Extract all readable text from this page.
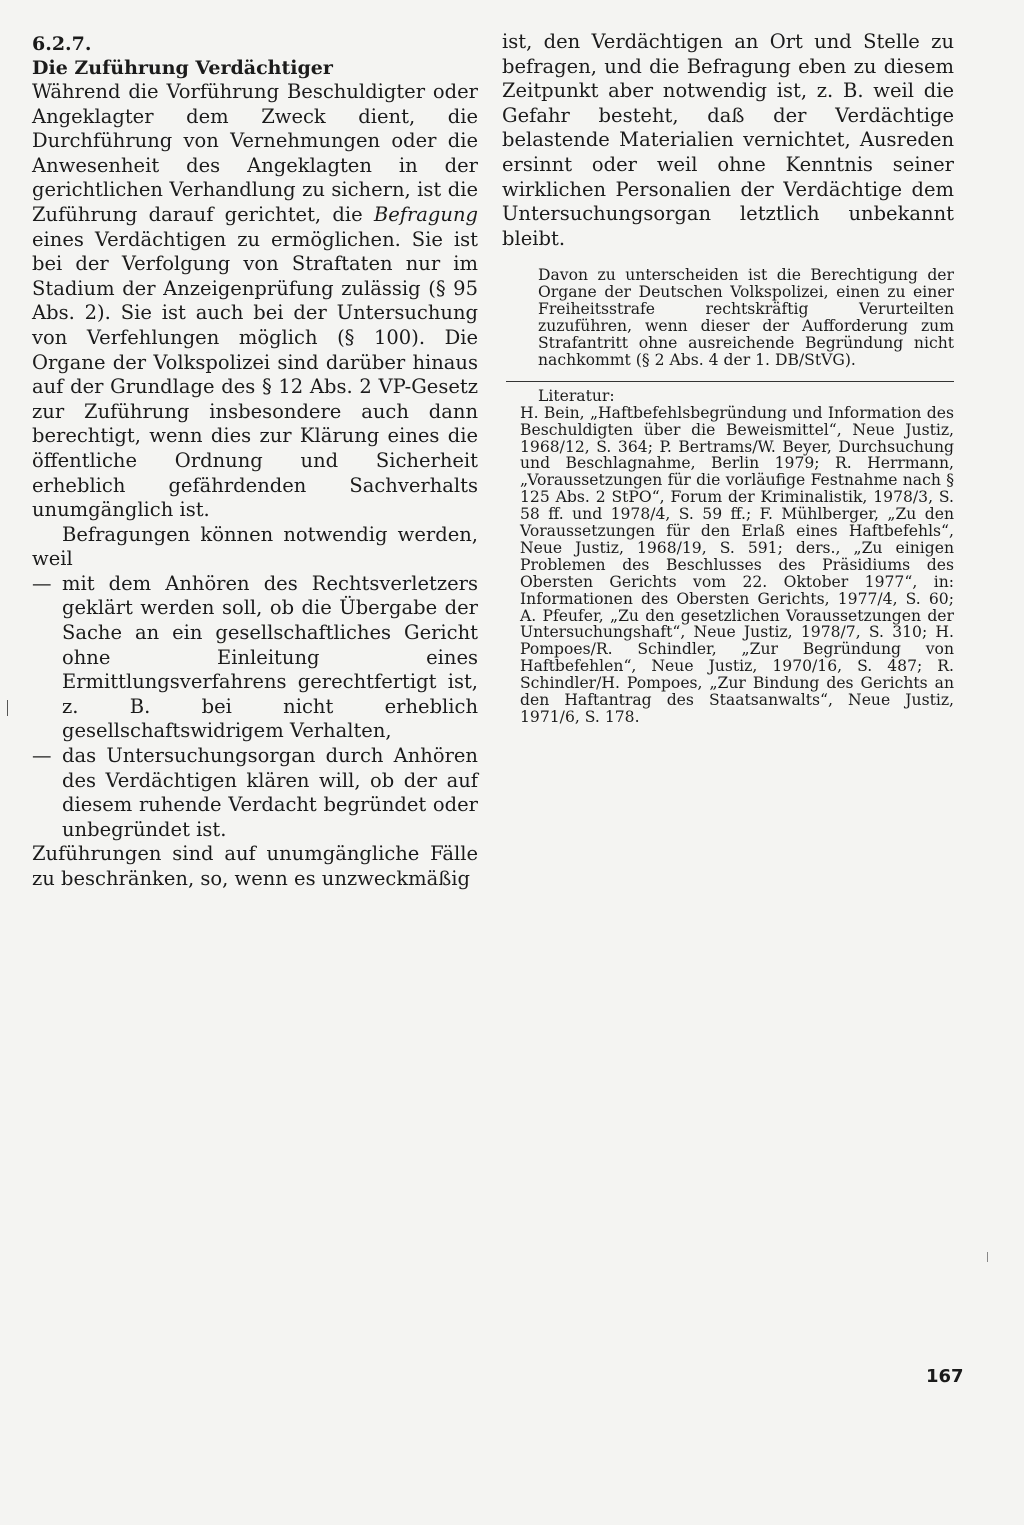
6.2.7.
Die Zuführung Verdächtiger

Während die Vorführung Beschuldigter oder Angeklagter dem Zweck dient, die Durchführung von Vernehmungen oder die Anwesenheit des Angeklagten in der gerichtlichen Verhandlung zu sichern, ist die Zuführung darauf gerichtet, die Befragung eines Verdächtigen zu ermöglichen. Sie ist bei der Verfolgung von Straftaten nur im Stadium der Anzeigenprüfung zulässig (§ 95 Abs. 2). Sie ist auch bei der Untersuchung von Verfehlungen möglich (§ 100). Die Organe der Volkspolizei sind darüber hinaus auf der Grundlage des § 12 Abs. 2 VP-Gesetz zur Zuführung insbesondere auch dann berechtigt, wenn dies zur Klärung eines die öffentliche Ordnung und Sicherheit erheblich gefährdenden Sachverhalts unumgänglich ist.

Befragungen können notwendig werden, weil

— mit dem Anhören des Rechtsverletzers geklärt werden soll, ob die Übergabe der Sache an ein gesellschaftliches Gericht ohne Einleitung eines Ermittlungsverfahrens gerechtfertigt ist, z. B. bei nicht erheblich gesellschaftswidrigem Verhalten,
— das Untersuchungsorgan durch Anhören des Verdächtigen klären will, ob der auf diesem ruhende Verdacht begründet oder unbegründet ist.

Zuführungen sind auf unumgängliche Fälle zu beschränken, so, wenn es unzweckmäßig

ist, den Verdächtigen an Ort und Stelle zu befragen, und die Befragung eben zu diesem Zeitpunkt aber notwendig ist, z. B. weil die Gefahr besteht, daß der Verdächtige belastende Materialien vernichtet, Ausreden ersinnt oder weil ohne Kenntnis seiner wirklichen Personalien der Verdächtige dem Untersuchungsorgan letztlich unbekannt bleibt.

Davon zu unterscheiden ist die Berechtigung der Organe der Deutschen Volkspolizei, einen zu einer Freiheitsstrafe rechtskräftig Verurteilten zuzuführen, wenn dieser der Aufforderung zum Strafantritt ohne ausreichende Begründung nicht nachkommt (§ 2 Abs. 4 der 1. DB/StVG).
Literatur:
H. Bein, „Haftbefehlsbegründung und Information des Beschuldigten über die Beweismittel“, Neue Justiz, 1968/12, S. 364; P. Bertrams/W. Beyer, Durchsuchung und Beschlagnahme, Berlin 1979; R. Herrmann, „Voraussetzungen für die vorläufige Festnahme nach § 125 Abs. 2 StPO“, Forum der Kriminalistik, 1978/3, S. 58 ff. und 1978/4, S. 59 ff.; F. Mühlberger, „Zu den Voraussetzungen für den Erlaß eines Haftbefehls“, Neue Justiz, 1968/19, S. 591; ders., „Zu einigen Problemen des Beschlusses des Präsidiums des Obersten Gerichts vom 22. Oktober 1977“, in: Informationen des Obersten Gerichts, 1977/4, S. 60; A. Pfeufer, „Zu den gesetzlichen Voraussetzungen der Untersuchungshaft“, Neue Justiz, 1978/7, S. 310; H. Pompoes/R. Schindler, „Zur Begründung von Haftbefehlen“, Neue Justiz, 1970/16, S. 487; R. Schindler/H. Pompoes, „Zur Bindung des Gerichts an den Haftantrag des Staatsanwalts“, Neue Justiz, 1971/6, S. 178.
167
